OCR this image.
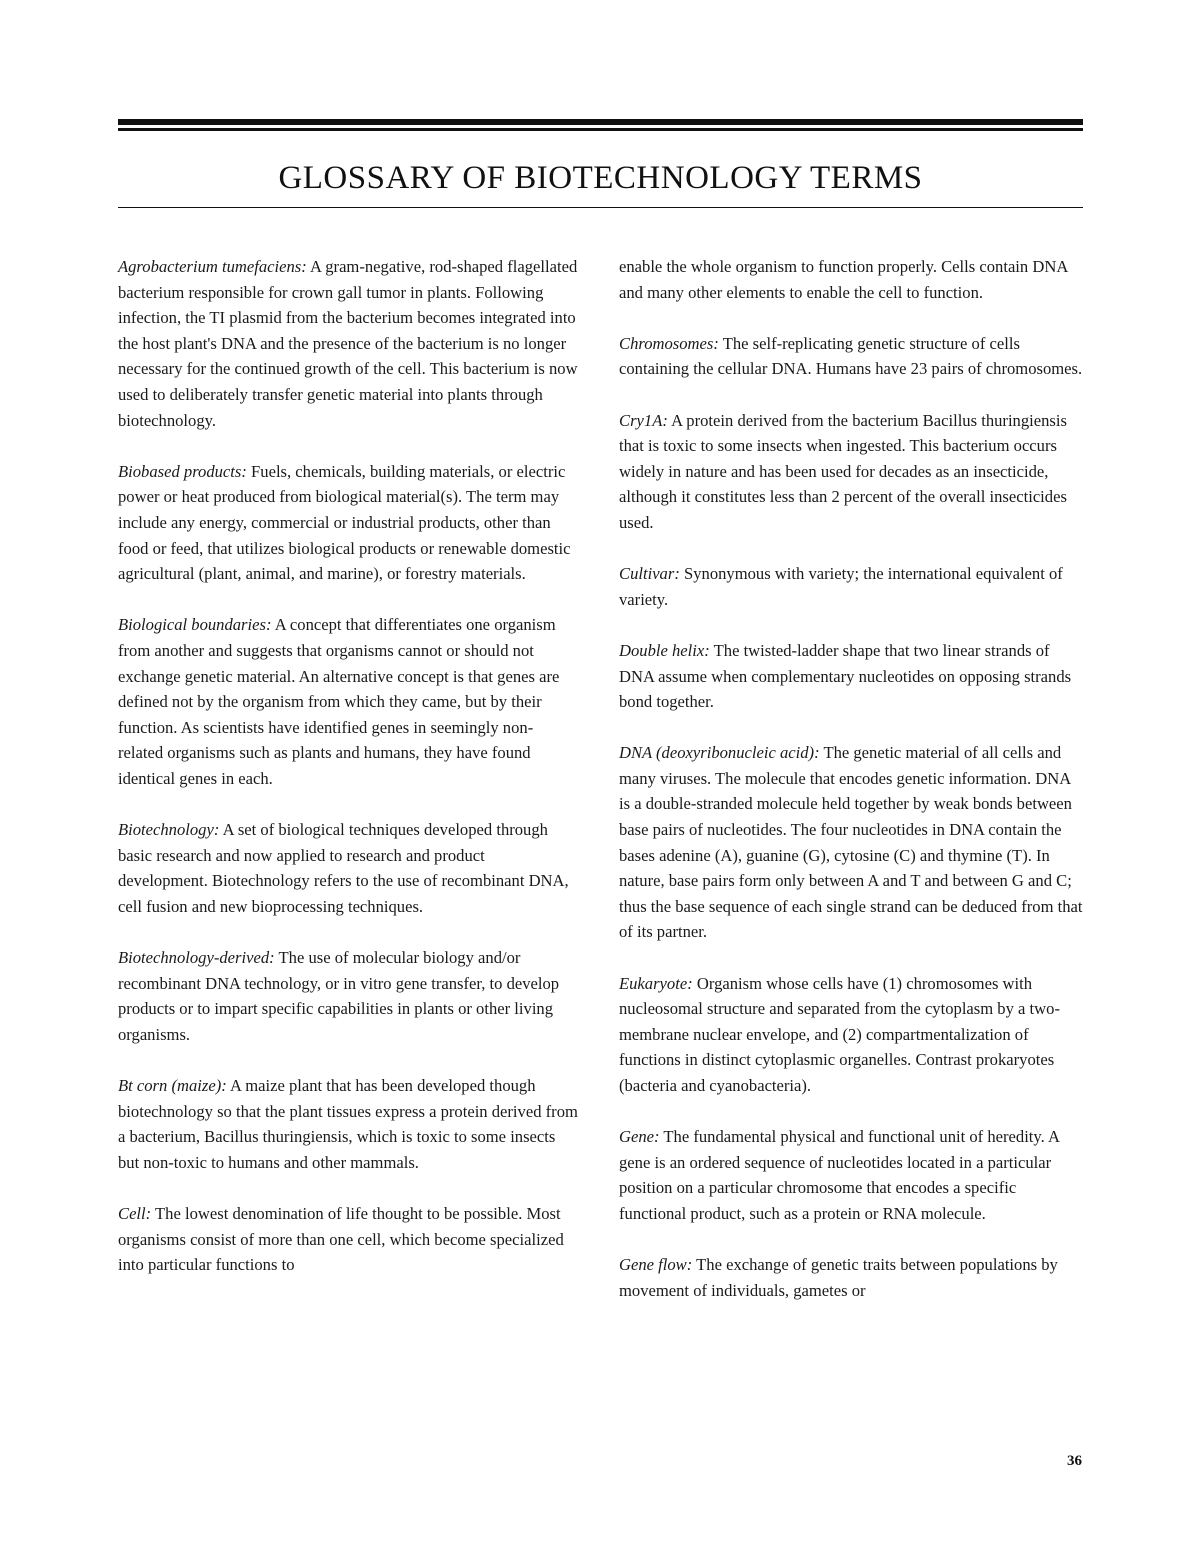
GLOSSARY OF BIOTECHNOLOGY TERMS

Agrobacterium tumefaciens: A gram-negative, rod-shaped flagellated bacterium responsible for crown gall tumor in plants. Following infection, the TI plasmid from the bacterium becomes integrated into the host plant's DNA and the presence of the bacterium is no longer necessary for the continued growth of the cell. This bacterium is now used to deliberately transfer genetic material into plants through biotechnology.

Biobased products: Fuels, chemicals, building materials, or electric power or heat produced from biological material(s). The term may include any energy, commercial or industrial products, other than food or feed, that utilizes biological products or renewable domestic agricultural (plant, animal, and marine), or forestry materials.

Biological boundaries: A concept that differentiates one organism from another and suggests that organisms cannot or should not exchange genetic material. An alternative concept is that genes are defined not by the organism from which they came, but by their function. As scientists have identified genes in seemingly non-related organisms such as plants and humans, they have found identical genes in each.

Biotechnology: A set of biological techniques developed through basic research and now applied to research and product development. Biotechnology refers to the use of recombinant DNA, cell fusion and new bioprocessing techniques.

Biotechnology-derived: The use of molecular biology and/or recombinant DNA technology, or in vitro gene transfer, to develop products or to impart specific capabilities in plants or other living organisms.

Bt corn (maize): A maize plant that has been developed though biotechnology so that the plant tissues express a protein derived from a bacterium, Bacillus thuringiensis, which is toxic to some insects but non-toxic to humans and other mammals.

Cell: The lowest denomination of life thought to be possible. Most organisms consist of more than one cell, which become specialized into particular functions to

enable the whole organism to function properly. Cells contain DNA and many other elements to enable the cell to function.

Chromosomes: The self-replicating genetic structure of cells containing the cellular DNA. Humans have 23 pairs of chromosomes.

Cry1A: A protein derived from the bacterium Bacillus thuringiensis that is toxic to some insects when ingested. This bacterium occurs widely in nature and has been used for decades as an insecticide, although it constitutes less than 2 percent of the overall insecticides used.

Cultivar: Synonymous with variety; the international equivalent of variety.

Double helix: The twisted-ladder shape that two linear strands of DNA assume when complementary nucleotides on opposing strands bond together.

DNA (deoxyribonucleic acid): The genetic material of all cells and many viruses. The molecule that encodes genetic information. DNA is a double-stranded molecule held together by weak bonds between base pairs of nucleotides. The four nucleotides in DNA contain the bases adenine (A), guanine (G), cytosine (C) and thymine (T). In nature, base pairs form only between A and T and between G and C; thus the base sequence of each single strand can be deduced from that of its partner.

Eukaryote: Organism whose cells have (1) chromosomes with nucleosomal structure and separated from the cytoplasm by a two-membrane nuclear envelope, and (2) compartmentalization of functions in distinct cytoplasmic organelles. Contrast prokaryotes (bacteria and cyanobacteria).

Gene: The fundamental physical and functional unit of heredity. A gene is an ordered sequence of nucleotides located in a particular position on a particular chromosome that encodes a specific functional product, such as a protein or RNA molecule.

Gene flow: The exchange of genetic traits between populations by movement of individuals, gametes or

36
